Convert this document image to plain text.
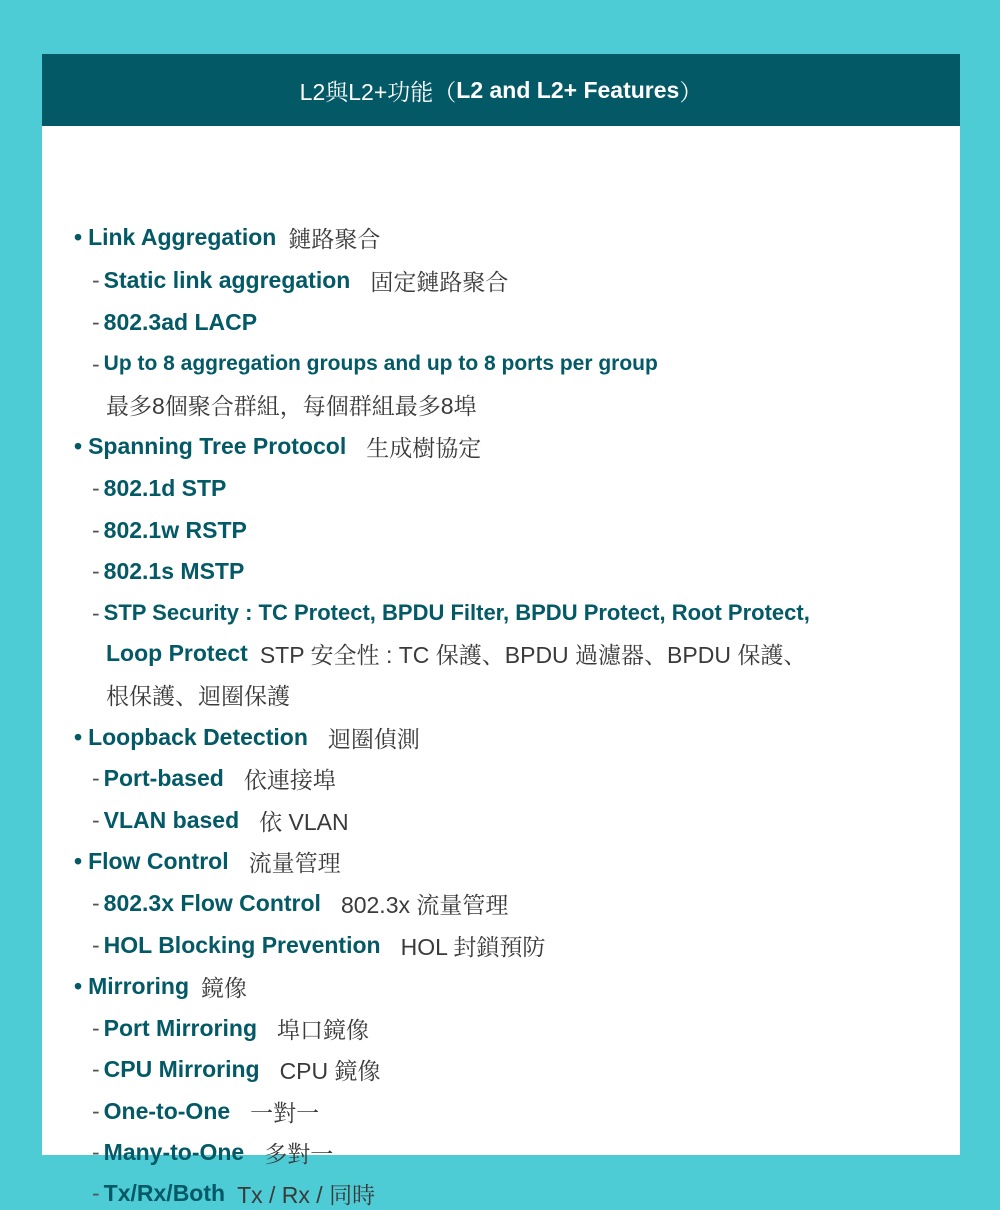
L2與L2+功能（ L2 and L2+ Features ）
• Link Aggregation 鏈路聚合
- Static link aggregation 固定鏈路聚合
- 802.3ad LACP
- Up to 8 aggregation groups and up to 8 ports per group
最多8個聚合群組，每個群組最多8埠
• Spanning Tree Protocol 生成樹協定
- 802.1d STP
- 802.1w RSTP
- 802.1s MSTP
- STP Security : TC Protect, BPDU Filter, BPDU Protect, Root Protect,
Loop Protect STP 安全性 : TC 保護、BPDU 過濾器、BPDU 保護、
根保護、迴圈保護
• Loopback Detection 迴圈偵測
- Port-based 依連接埠
- VLAN based 依 VLAN
• Flow Control 流量管理
- 802.3x Flow Control 802.3x 流量管理
- HOL Blocking Prevention HOL 封鎖預防
• Mirroring 鏡像
- Port Mirroring 埠口鏡像
- CPU Mirroring CPU 鏡像
- One-to-One 一對一
- Many-to-One 多對一
- Tx/Rx/Both Tx / Rx / 同時
